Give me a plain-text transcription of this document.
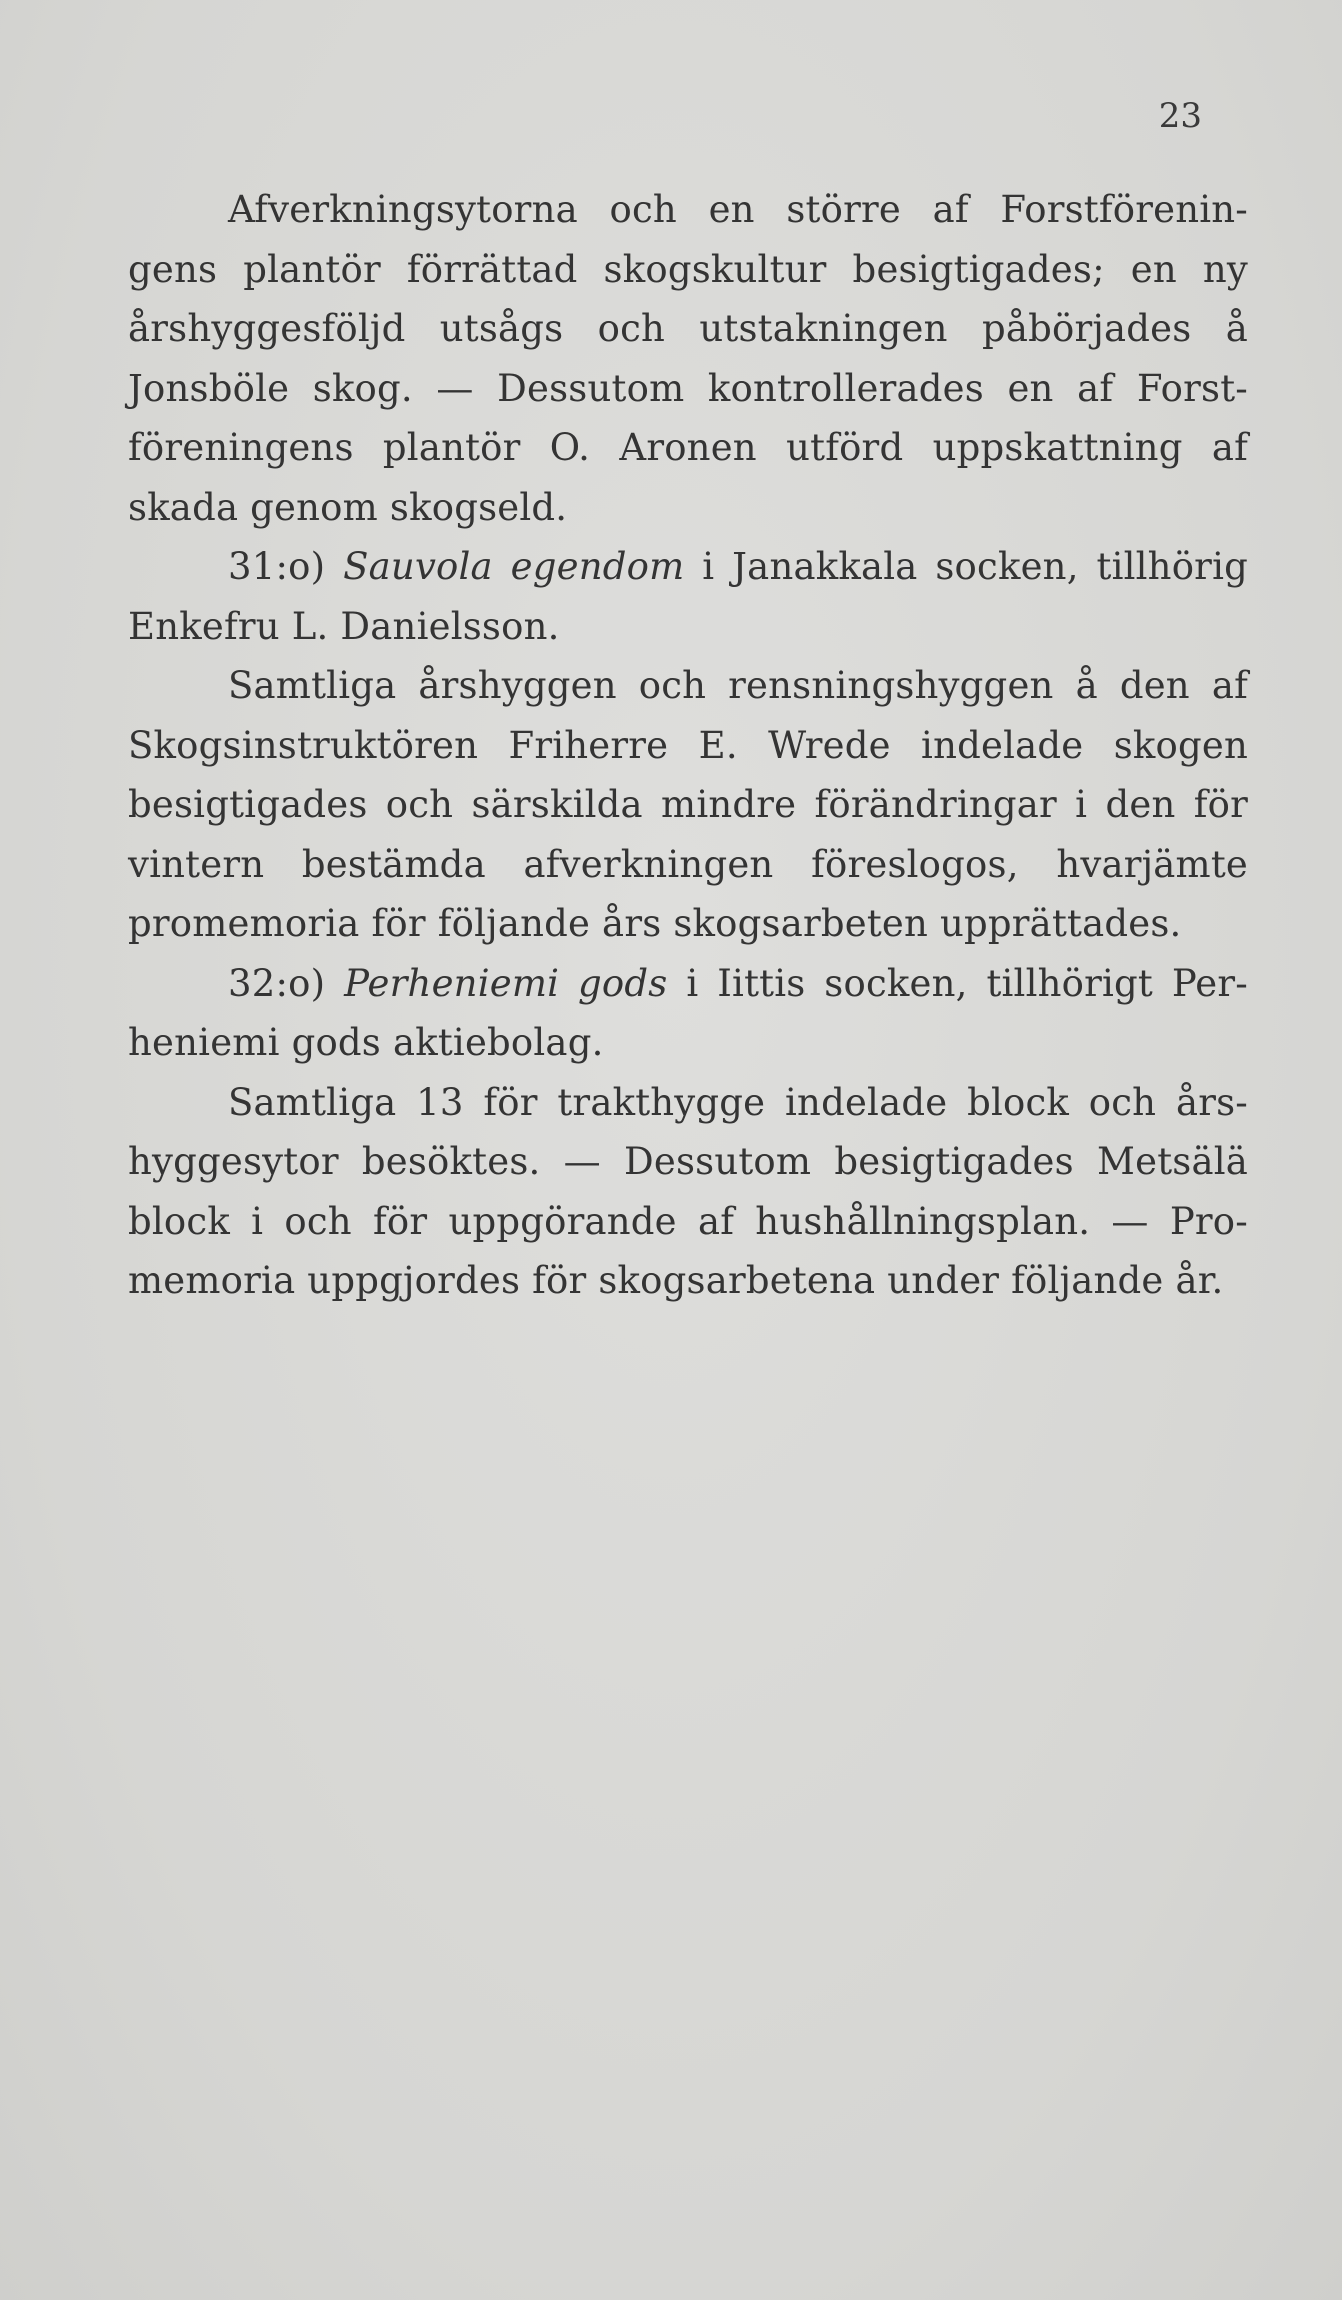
23
Afverkningsytorna och en större af Forstförenin-
gens plantör förrättad skogskultur besigtigades; en ny
årshyggesföljd utsågs och utstakningen påbörjades å
Jonsböle skog. — Dessutom kontrollerades en af Forst-
föreningens plantör O. Aronen utförd uppskattning af
skada genom skogseld.
31:o) Sauvola egendom i Janakkala socken, tillhörig
Enkefru L. Danielsson.
Samtliga årshyggen och rensningshyggen å den af
Skogsinstruktören Friherre E. Wrede indelade skogen
besigtigades och särskilda mindre förändringar i den för
vintern bestämda afverkningen föreslogos, hvarjämte
promemoria för följande års skogsarbeten upprättades.
32:o) Perheniemi gods i Iittis socken, tillhörigt Per-
heniemi gods aktiebolag.
Samtliga 13 för trakthygge indelade block och års-
hyggesytor besöktes. — Dessutom besigtigades Metsälä
block i och för uppgörande af hushållningsplan. — Pro-
memoria uppgjordes för skogsarbetena under följande år.
